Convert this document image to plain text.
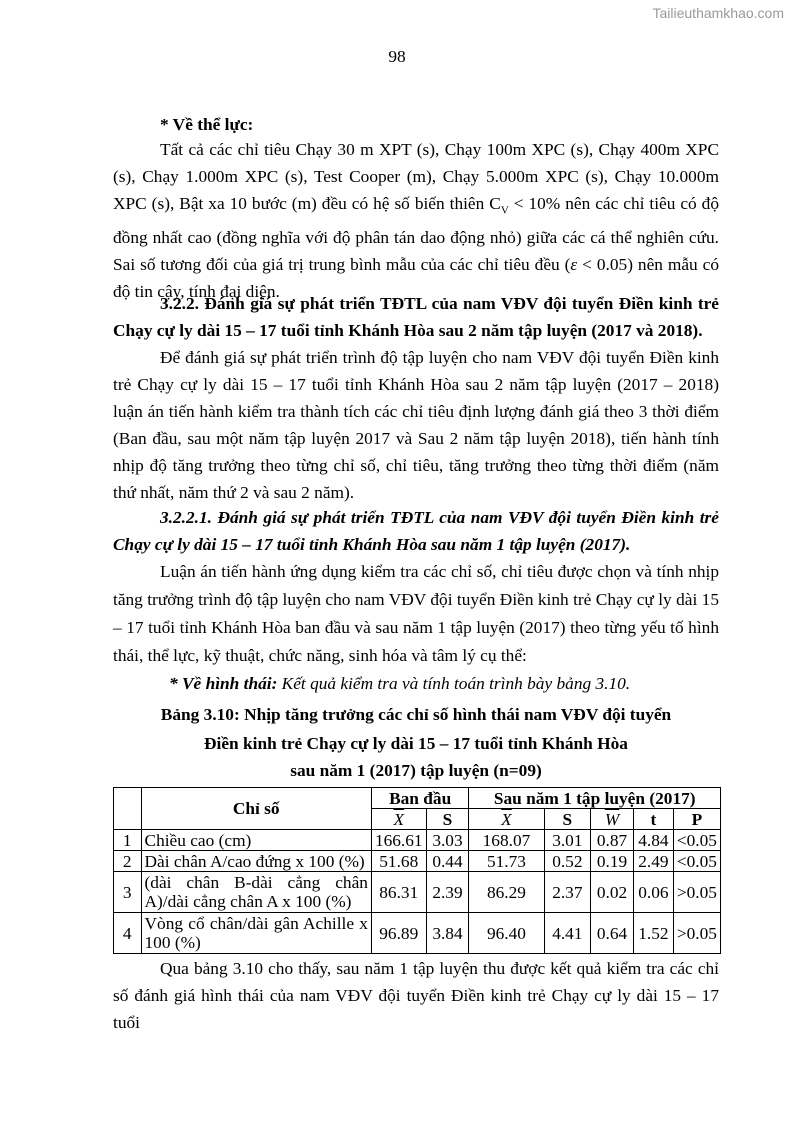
Tailieuthamkhao.com
98
* Về thể lực:
Tất cả các chỉ tiêu Chạy 30 m XPT (s), Chạy 100m XPC (s), Chạy 400m XPC (s), Chạy 1.000m XPC (s), Test Cooper (m), Chạy 5.000m XPC (s), Chạy 10.000m XPC (s), Bật xa 10 bước (m) đều có hệ số biến thiên $C_V < 10\%$ nên các chỉ tiêu có độ đồng nhất cao (đồng nghĩa với độ phân tán dao động nhỏ) giữa các cá thể nghiên cứu. Sai số tương đối của giá trị trung bình mẫu của các chỉ tiêu đều (ε < 0.05) nên mẫu có độ tin cậy, tính đại diện.
3.2.2. Đánh giá sự phát triển TĐTL của nam VĐV đội tuyển Điền kinh trẻ Chạy cự ly dài 15 – 17 tuổi tỉnh Khánh Hòa sau 2 năm tập luyện (2017 và 2018).
Để đánh giá sự phát triển trình độ tập luyện cho nam VĐV đội tuyển Điền kinh trẻ Chạy cự ly dài 15 – 17 tuổi tỉnh Khánh Hòa sau 2 năm tập luyện (2017 – 2018) luận án tiến hành kiểm tra thành tích các chỉ tiêu định lượng đánh giá theo 3 thời điểm (Ban đầu, sau một năm tập luyện 2017 và Sau 2 năm tập luyện 2018), tiến hành tính nhịp độ tăng trưởng theo từng chỉ số, chỉ tiêu, tăng trưởng theo từng thời điểm (năm thứ nhất, năm thứ 2 và sau 2 năm).
3.2.2.1. Đánh giá sự phát triển TĐTL của nam VĐV đội tuyển Điền kinh trẻ Chạy cự ly dài 15 – 17 tuổi tỉnh Khánh Hòa sau năm 1 tập luyện (2017).
Luận án tiến hành ứng dụng kiểm tra các chỉ số, chỉ tiêu được chọn và tính nhịp tăng trưởng trình độ tập luyện cho nam VĐV đội tuyển Điền kinh trẻ Chạy cự ly dài 15 – 17 tuổi tỉnh Khánh Hòa ban đầu và sau năm 1 tập luyện (2017) theo từng yếu tố hình thái, thể lực, kỹ thuật, chức năng, sinh hóa và tâm lý cụ thể:
* Về hình thái: Kết quả kiểm tra và tính toán trình bày bảng 3.10.
Bảng 3.10: Nhịp tăng trưởng các chỉ số hình thái nam VĐV đội tuyển
Điền kinh trẻ Chạy cự ly dài 15 – 17 tuổi tỉnh Khánh Hòa
sau năm 1 (2017) tập luyện (n=09)
	Chỉ số	Ban đầu		Sau năm 1 tập luyện (2017)				
		$\overline{X}$	S	$\overline{X}$	S	$\overline{W}$	t	P
1	Chiều cao (cm)	166.61	3.03	168.07	3.01	0.87	4.84	<0.05
2	Dài chân A/cao đứng x 100 (%)	51.68	0.44	51.73	0.52	0.19	2.49	<0.05
3	(dài chân B-dài cẳng chân A)/dài cẳng chân A x 100 (%)	86.31	2.39	86.29	2.37	0.02	0.06	>0.05
4	Vòng cổ chân/dài gân Achille x 100 (%)	96.89	3.84	96.40	4.41	0.64	1.52	>0.05
Qua bảng 3.10 cho thấy, sau năm 1 tập luyện thu được kết quả kiểm tra các chỉ số đánh giá hình thái của nam VĐV đội tuyển Điền kinh trẻ Chạy cự ly dài 15 – 17 tuổi
